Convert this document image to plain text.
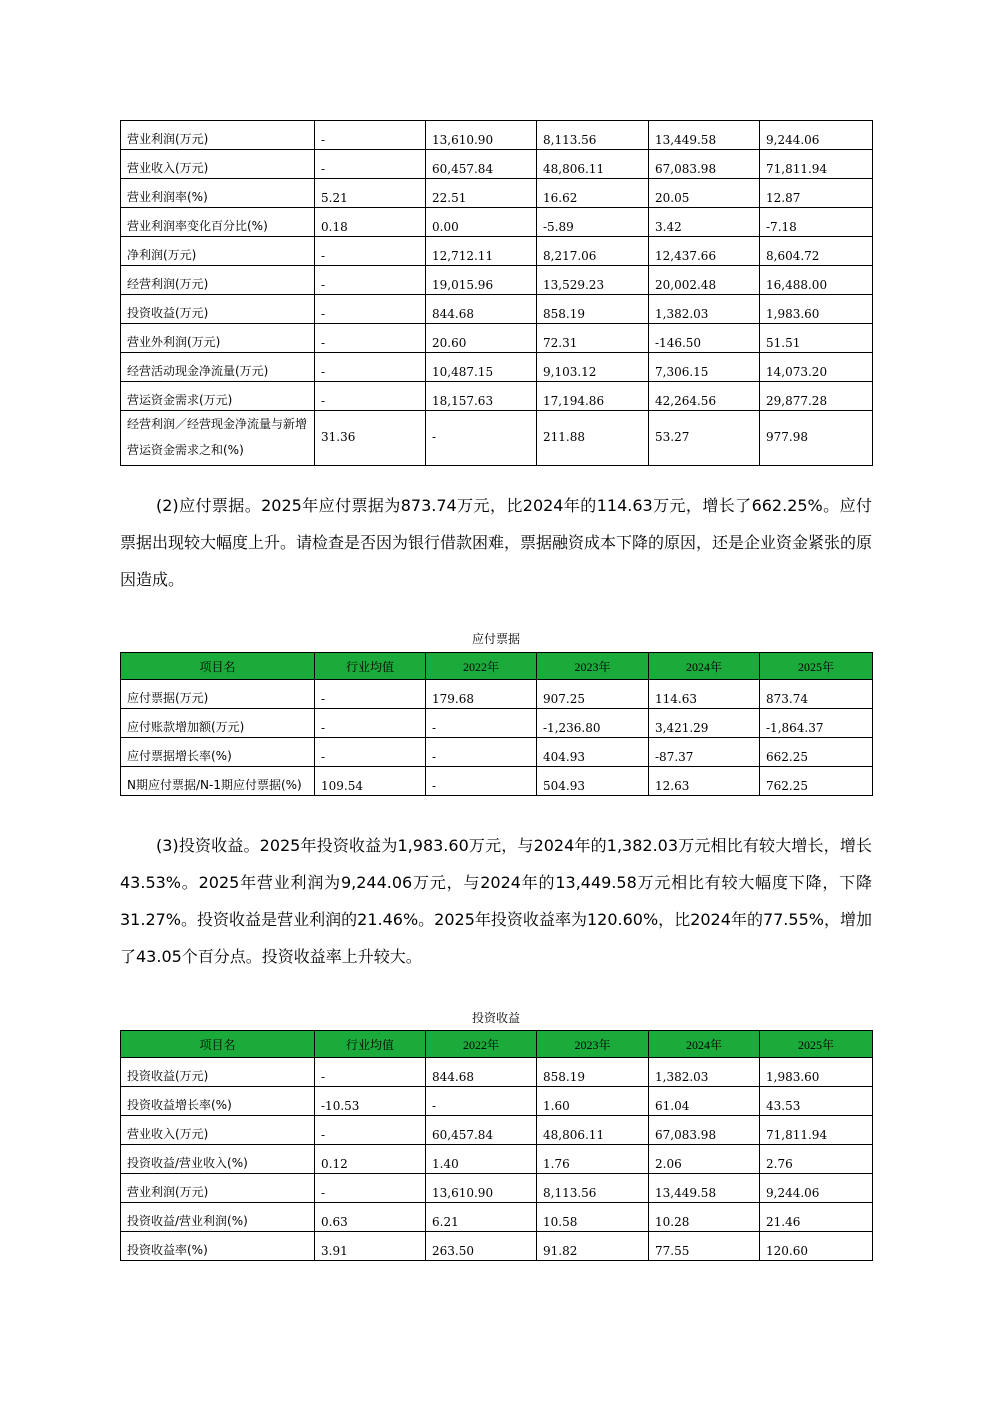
营业利润(万元)	-	13,610.90	8,113.56	13,449.58	9,244.06
营业收入(万元)	-	60,457.84	48,806.11	67,083.98	71,811.94
营业利润率(%)	5.21	22.51	16.62	20.05	12.87
营业利润率变化百分比(%)	0.18	0.00	-5.89	3.42	-7.18
净利润(万元)	-	12,712.11	8,217.06	12,437.66	8,604.72
经营利润(万元)	-	19,015.96	13,529.23	20,002.48	16,488.00
投资收益(万元)	-	844.68	858.19	1,382.03	1,983.60
营业外利润(万元)	-	20.60	72.31	-146.50	51.51
经营活动现金净流量(万元)	-	10,487.15	9,103.12	7,306.15	14,073.20
营运资金需求(万元)	-	18,157.63	17,194.86	42,264.56	29,877.28
经营利润／经营现金净流量与新增营运资金需求之和(%)	31.36	-	211.88	53.27	977.98

(2)应付票据。2025年应付票据为873.74万元，比2024年的114.63万元，增长了662.25%。应付票据出现较大幅度上升。请检查是否因为银行借款困难，票据融资成本下降的原因，还是企业资金紧张的原因造成。

应付票据
项目名	行业均值	2022年	2023年	2024年	2025年
应付票据(万元)	-	179.68	907.25	114.63	873.74
应付账款增加额(万元)	-	-	-1,236.80	3,421.29	-1,864.37
应付票据增长率(%)	-	-	404.93	-87.37	662.25
N期应付票据/N-1期应付票据(%)	109.54	-	504.93	12.63	762.25

(3)投资收益。2025年投资收益为1,983.60万元，与2024年的1,382.03万元相比有较大增长，增长43.53%。2025年营业利润为9,244.06万元，与2024年的13,449.58万元相比有较大幅度下降，下降31.27%。投资收益是营业利润的21.46%。2025年投资收益率为120.60%，比2024年的77.55%，增加了43.05个百分点。投资收益率上升较大。

投资收益
项目名	行业均值	2022年	2023年	2024年	2025年
投资收益(万元)	-	844.68	858.19	1,382.03	1,983.60
投资收益增长率(%)	-10.53	-	1.60	61.04	43.53
营业收入(万元)	-	60,457.84	48,806.11	67,083.98	71,811.94
投资收益/营业收入(%)	0.12	1.40	1.76	2.06	2.76
营业利润(万元)	-	13,610.90	8,113.56	13,449.58	9,244.06
投资收益/营业利润(%)	0.63	6.21	10.58	10.28	21.46
投资收益率(%)	3.91	263.50	91.82	77.55	120.60
